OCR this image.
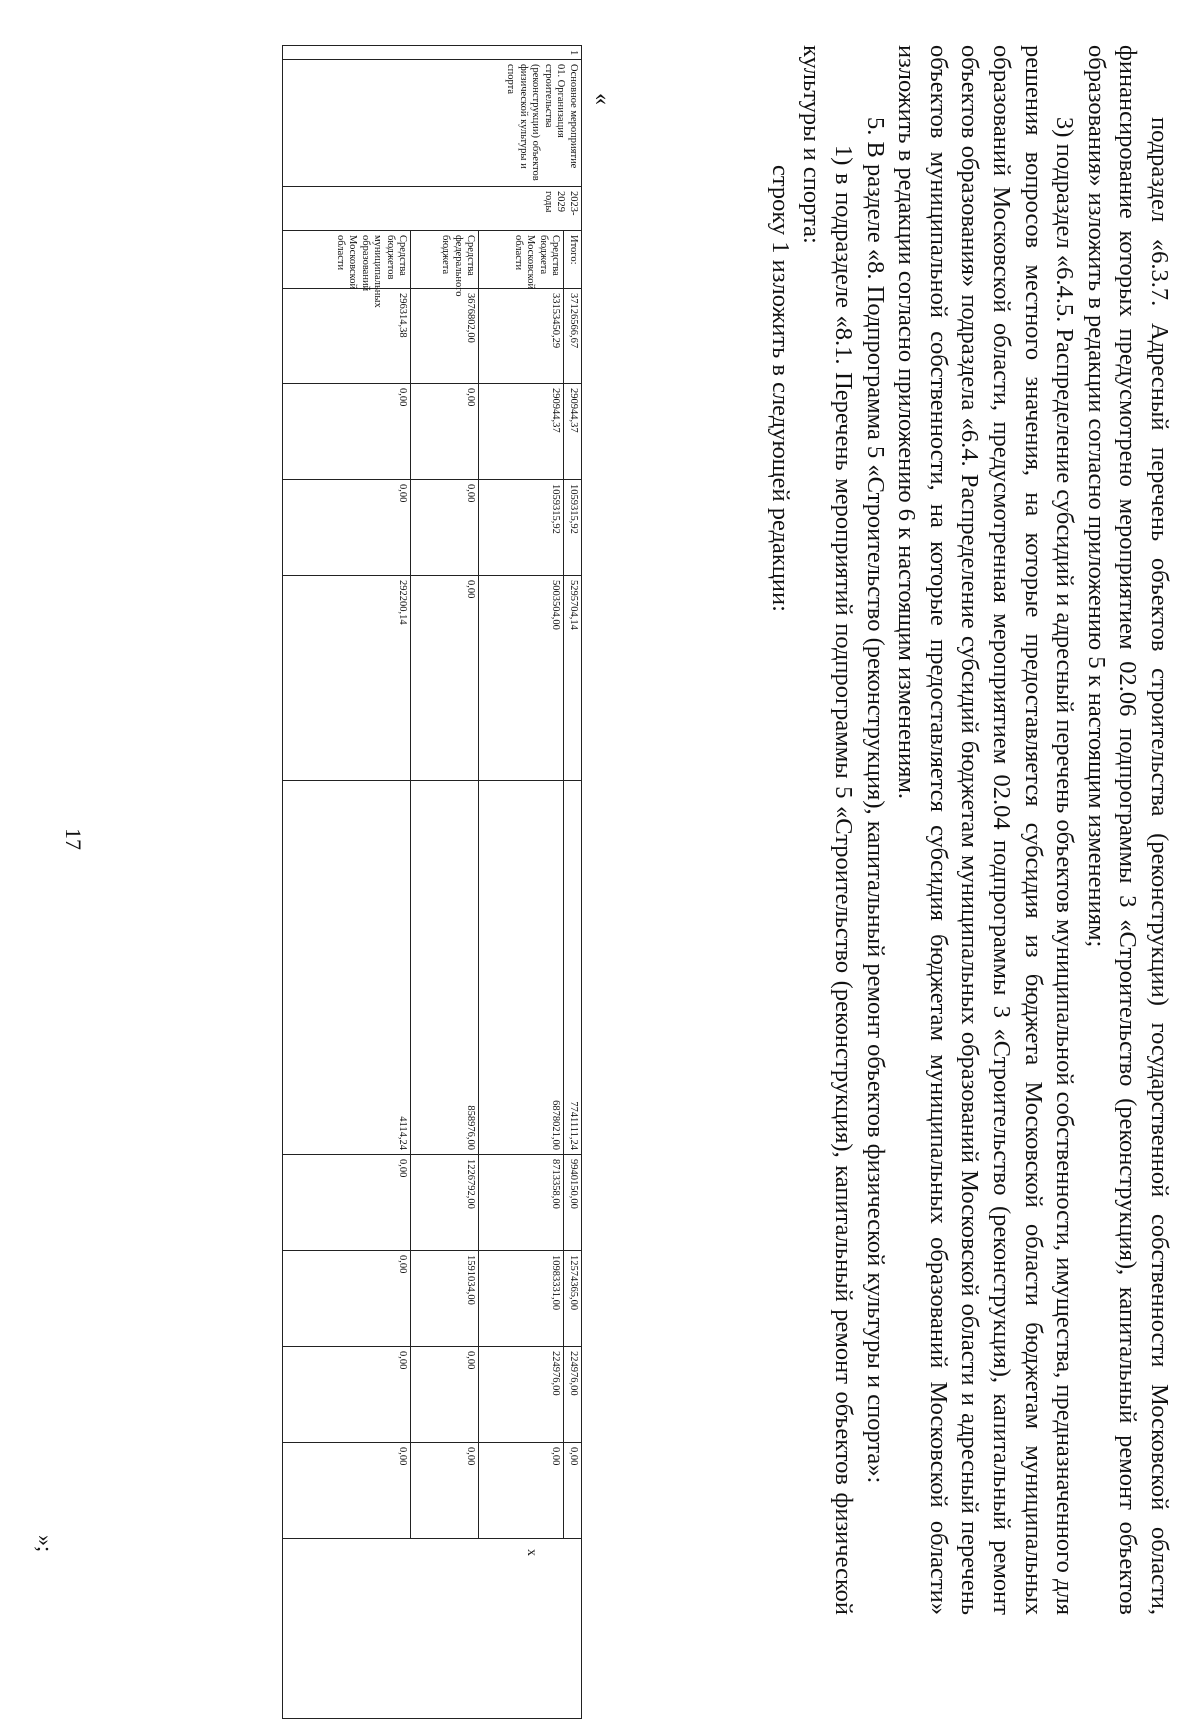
17	подраздел «6.3.7. Адресный перечень объектов строительства (реконструкции) государственной собственности Московской области, финансирование которых предусмотрено мероприятием 02.06 подпрограммы 3 «Строительство (реконструкция), капитальный ремонт объектов образования» изложить в редакции согласно приложению 5 к настоящим изменениям;

3) подраздел «6.4.5. Распределение субсидий и адресный перечень объектов муниципальной собственности, имущества, предназначенного для решения вопросов местного значения, на которые предоставляется субсидия из бюджета Московской области бюджетам муниципальных образований Московской области, предусмотренная мероприятием 02.04 подпрограммы 3 «Строительство (реконструкция), капитальный ремонт объектов образования» подраздела «6.4. Распределение субсидий бюджетам муниципальных образований Московской области и адресный перечень объектов муниципальной собственности, на которые предоставляется субсидия бюджетам муниципальных образований Московской области» изложить в редакции согласно приложению 6 к настоящим изменениям.

5. В разделе «8. Подпрограмма 5 «Строительство (реконструкция), капитальный ремонт объектов физической культуры и спорта»:

1) в подразделе «8.1. Перечень мероприятий подпрограммы 5 «Строительство (реконструкция), капитальный ремонт объектов физической культуры и спорта:

строку 1 изложить в следующей редакции:

«
1	Основное мероприятие 01. Организация строительства (реконструкции) объектов физической культуры и спорта	2023-2029 годы	Итого:	37126566,67	290944,37	1059315,92	5295704,14	7741111,24	9940150,00	12574365,00	224976,00	0,00	х
			Средства бюджета Московской области	33153450,29	290944,37	1059315,92	5003504,00	6878021,00	8713358,00	10983331,00	224976,00	0,00	
			Средства федерального бюджета	3676802,00	0,00	0,00	0,00	858976,00	1226792,00	1591034,00	0,00	0,00	
			Средства бюджетов муниципальных образований Московской области	296314,38	0,00	0,00	292200,14	4114,24	0,00	0,00	0,00	0,00	
»;
